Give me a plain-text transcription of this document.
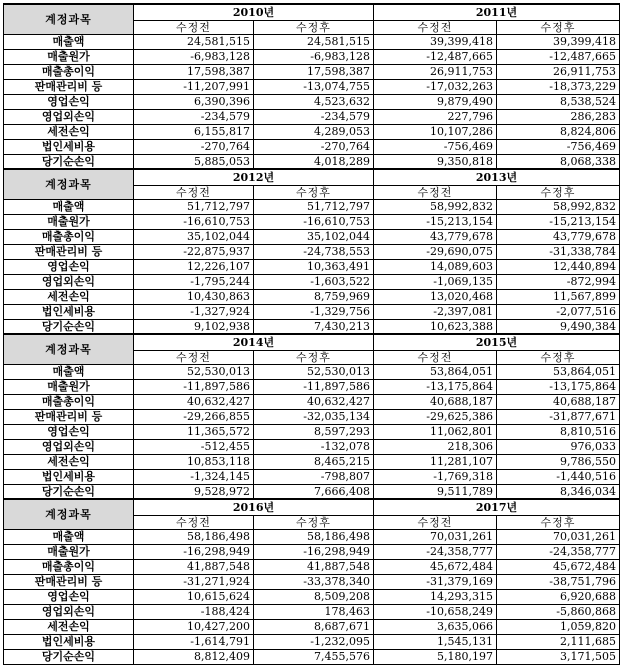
계정과목	2010년		2011년	
	수정전	수정후	수정전	수정후
매출액	24,581,515	24,581,515	39,399,418	39,399,418
매출원가	-6,983,128	-6,983,128	-12,487,665	-12,487,665
매출총이익	17,598,387	17,598,387	26,911,753	26,911,753
판매관리비 등	-11,207,991	-13,074,755	-17,032,263	-18,373,229
영업손익	6,390,396	4,523,632	9,879,490	8,538,524
영업외손익	-234,579	-234,579	227,796	286,283
세전손익	6,155,817	4,289,053	10,107,286	8,824,806
법인세비용	-270,764	-270,764	-756,469	-756,469
당기순손익	5,885,053	4,018,289	9,350,818	8,068,338
계정과목	2012년		2013년	
	수정전	수정후	수정전	수정후
매출액	51,712,797	51,712,797	58,992,832	58,992,832
매출원가	-16,610,753	-16,610,753	-15,213,154	-15,213,154
매출총이익	35,102,044	35,102,044	43,779,678	43,779,678
판매관리비 등	-22,875,937	-24,738,553	-29,690,075	-31,338,784
영업손익	12,226,107	10,363,491	14,089,603	12,440,894
영업외손익	-1,795,244	-1,603,522	-1,069,135	-872,994
세전손익	10,430,863	8,759,969	13,020,468	11,567,899
법인세비용	-1,327,924	-1,329,756	-2,397,081	-2,077,516
당기순손익	9,102,938	7,430,213	10,623,388	9,490,384
계정과목	2014년		2015년	
	수정전	수정후	수정전	수정후
매출액	52,530,013	52,530,013	53,864,051	53,864,051
매출원가	-11,897,586	-11,897,586	-13,175,864	-13,175,864
매출총이익	40,632,427	40,632,427	40,688,187	40,688,187
판매관리비 등	-29,266,855	-32,035,134	-29,625,386	-31,877,671
영업손익	11,365,572	8,597,293	11,062,801	8,810,516
영업외손익	-512,455	-132,078	218,306	976,033
세전손익	10,853,118	8,465,215	11,281,107	9,786,550
법인세비용	-1,324,145	-798,807	-1,769,318	-1,440,516
당기순손익	9,528,972	7,666,408	9,511,789	8,346,034
계정과목	2016년		2017년	
	수정전	수정후	수정전	수정후
매출액	58,186,498	58,186,498	70,031,261	70,031,261
매출원가	-16,298,949	-16,298,949	-24,358,777	-24,358,777
매출총이익	41,887,548	41,887,548	45,672,484	45,672,484
판매관리비 등	-31,271,924	-33,378,340	-31,379,169	-38,751,796
영업손익	10,615,624	8,509,208	14,293,315	6,920,688
영업외손익	-188,424	178,463	-10,658,249	-5,860,868
세전손익	10,427,200	8,687,671	3,635,066	1,059,820
법인세비용	-1,614,791	-1,232,095	1,545,131	2,111,685
당기순손익	8,812,409	7,455,576	5,180,197	3,171,505
